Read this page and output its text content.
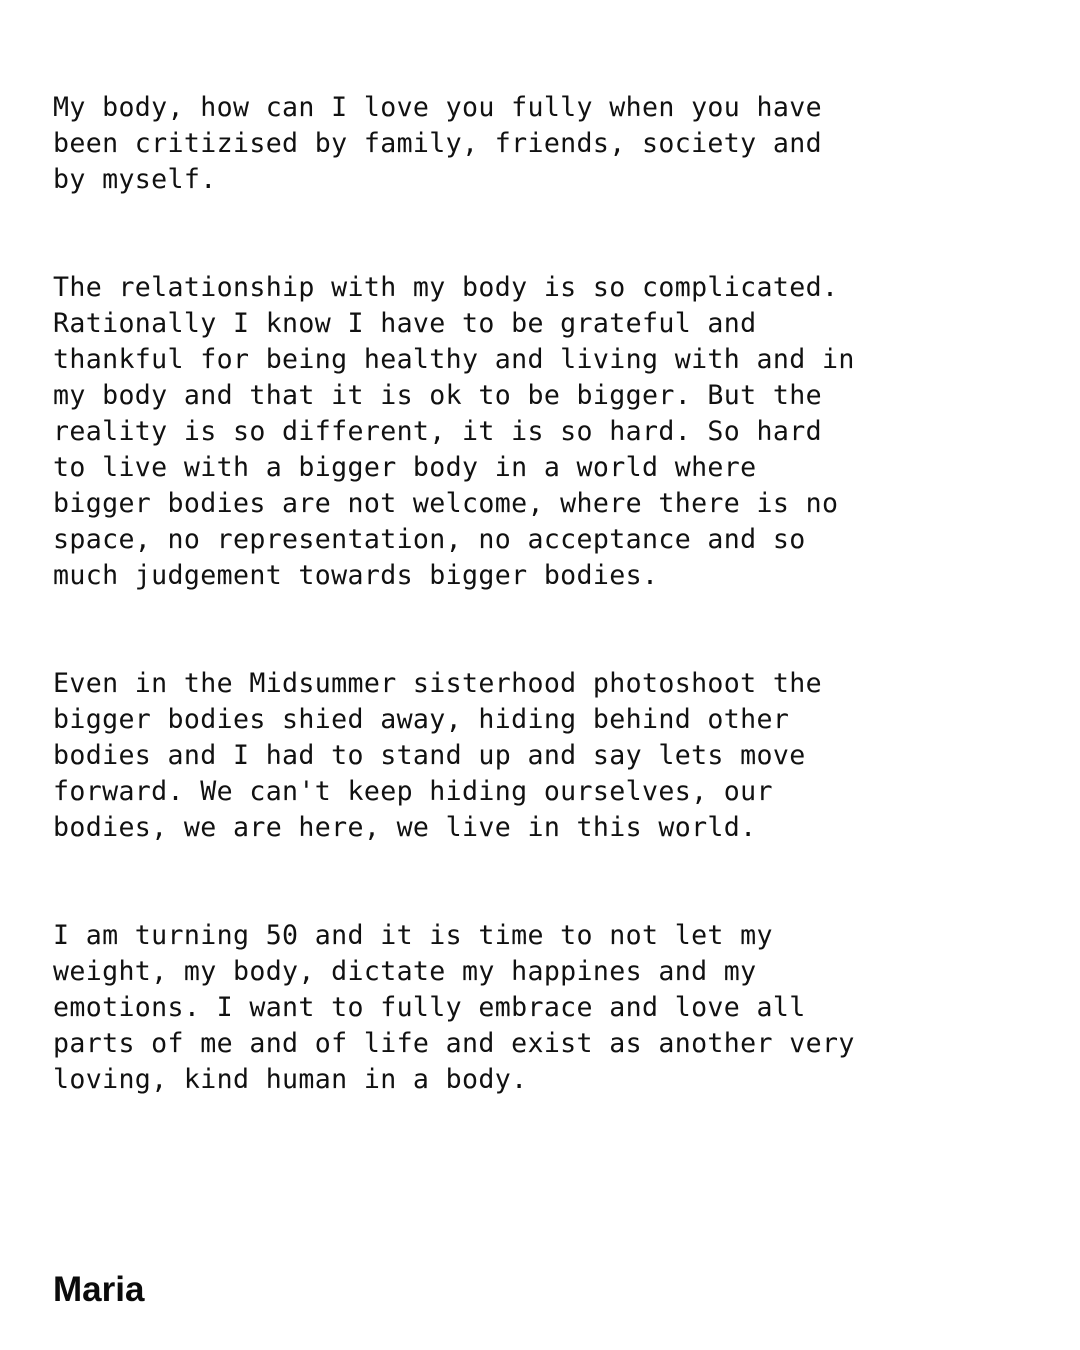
My body, how can I love you fully when you have
been critizised by family, friends, society and
by myself.

The relationship with my body is so complicated.
Rationally I know I have to be grateful and
thankful for being healthy and living with and in
my body and that it is ok to be bigger. But the
reality is so different, it is so hard. So hard
to live with a bigger body in a world where
bigger bodies are not welcome, where there is no
space, no representation, no acceptance and so
much judgement towards bigger bodies.

Even in the Midsummer sisterhood photoshoot the
bigger bodies shied away, hiding behind other
bodies and I had to stand up and say lets move
forward. We can't keep hiding ourselves, our
bodies, we are here, we live in this world.

I am turning 50 and it is time to not let my
weight, my body, dictate my happines and my
emotions. I want to fully embrace and love all
parts of me and of life and exist as another very
loving, kind human in a body.

Maria
